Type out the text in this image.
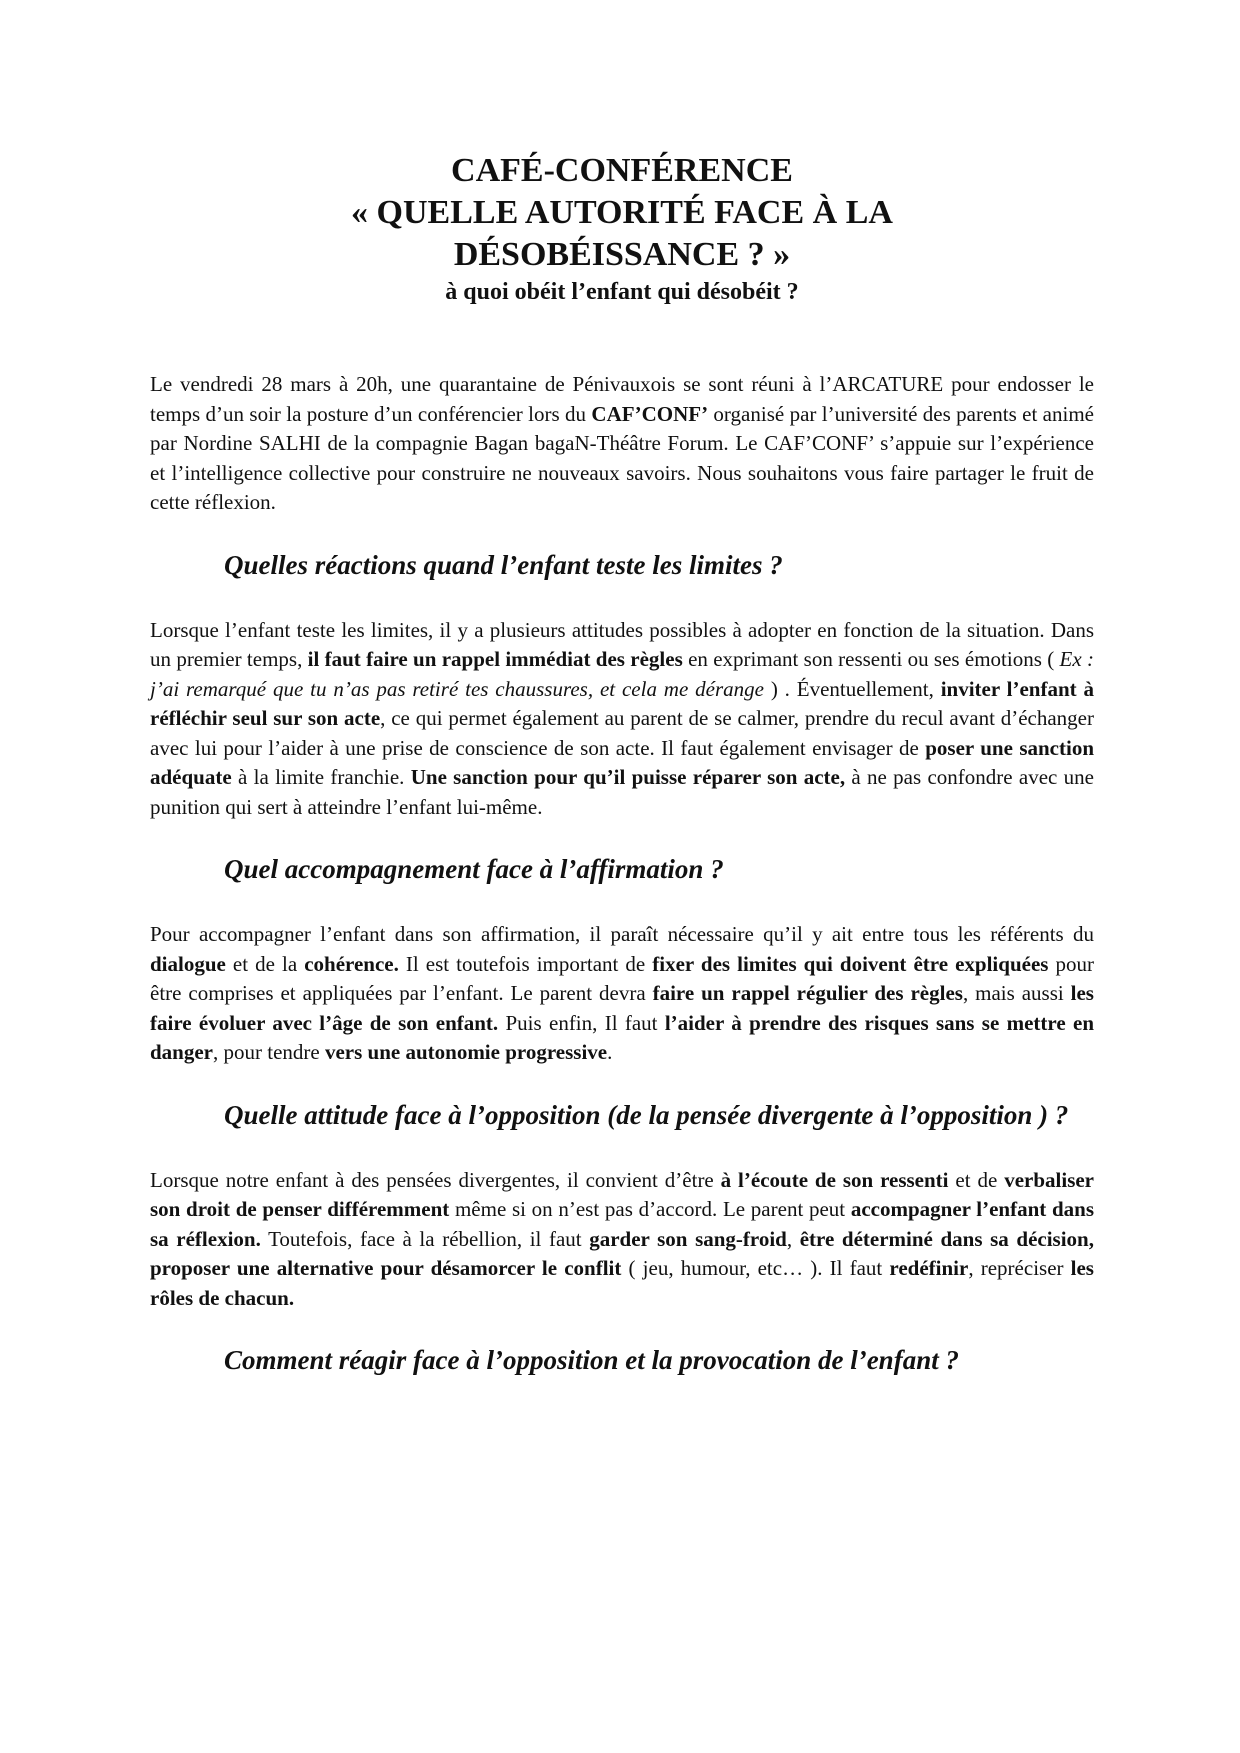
CAFÉ-CONFÉRENCE
« QUELLE AUTORITÉ FACE À LA
DÉSOBÉISSANCE ? »
à quoi obéit l’enfant qui désobéit ?

Le vendredi 28 mars à 20h, une quarantaine de Pénivauxois se sont réuni à l’ARCATURE pour endosser le temps d’un soir la posture d’un conférencier lors du CAF’CONF’ organisé par l’université des parents et animé par Nordine SALHI de la compagnie Bagan bagaN-Théâtre Forum. Le CAF’CONF’ s’appuie sur l’expérience et l’intelligence collective pour construire ne nouveaux savoirs. Nous souhaitons vous faire partager le fruit de cette réflexion.

Quelles réactions quand l’enfant teste les limites ?

Lorsque l’enfant teste les limites, il y a plusieurs attitudes possibles à adopter en fonction de la situation. Dans un premier temps, il faut faire un rappel immédiat des règles en exprimant son ressenti ou ses émotions ( Ex : j’ai remarqué que tu n’as pas retiré tes chaussures, et cela me dérange ) . Éventuellement, inviter l’enfant à réfléchir seul sur son acte, ce qui permet également au parent de se calmer, prendre du recul avant d’échanger avec lui pour l’aider à une prise de conscience de son acte. Il faut également envisager de poser une sanction adéquate à la limite franchie. Une sanction pour qu’il puisse réparer son acte, à ne pas confondre avec une punition qui sert à atteindre l’enfant lui-même.

Quel accompagnement face à l’affirmation ?

Pour accompagner l’enfant dans son affirmation, il paraît nécessaire qu’il y ait entre tous les référents du dialogue et de la cohérence. Il est toutefois important de fixer des limites qui doivent être expliquées pour être comprises et appliquées par l’enfant. Le parent devra faire un rappel régulier des règles, mais aussi les faire évoluer avec l’âge de son enfant. Puis enfin, Il faut l’aider à prendre des risques sans se mettre en danger, pour tendre vers une autonomie progressive.

Quelle attitude face à l’opposition (de la pensée divergente à l’opposition ) ?

Lorsque notre enfant à des pensées divergentes, il convient d’être à l’écoute de son ressenti et de verbaliser son droit de penser différemment même si on n’est pas d’accord. Le parent peut accompagner l’enfant dans sa réflexion. Toutefois, face à la rébellion, il faut garder son sang-froid, être déterminé dans sa décision, proposer une alternative pour désamorcer le conflit ( jeu, humour, etc… ). Il faut redéfinir, repréciser les rôles de chacun.

Comment réagir face à l’opposition et la provocation de l’enfant ?
